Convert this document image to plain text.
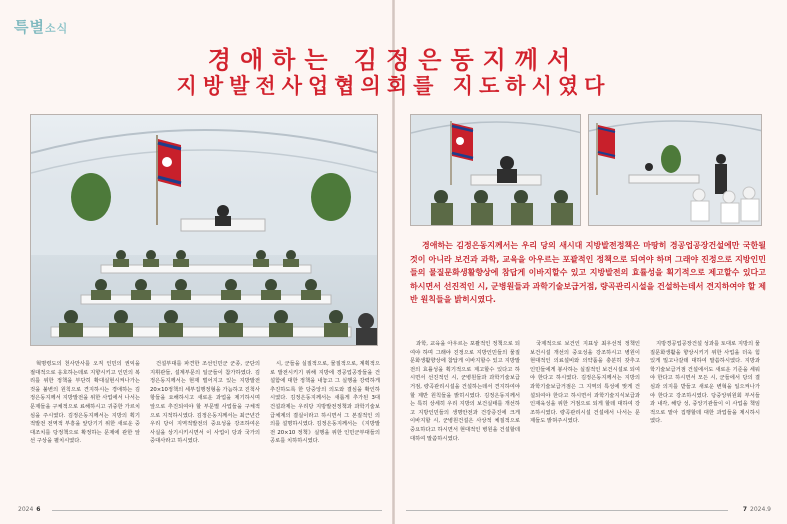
특별소식
경애하는 김정은동지께서
지방발전사업협의회를 지도하시였다
경애하는 김정은동지께서는 우리 당의 새시대 지방발전정책은 마땅히 경공업공장건설에만 국한될것이 아니라 보건과 과학, 교육을 아우르는 포괄적인 정책으로 되여야 하며 그래야 진정으로 지방인민들의 물질문화생활향상에 참답게 이바지할수 있고 지방발전의 효률성을 획기적으로 제고할수 있다고 하시면서 선진적인 시, 군병원들과 과학기술보급거점, 량곡관리시설을 건설하는데서 견지하여야 할 제반 원칙들을 밝히시였다.

혁명령도의 천사만사를 오직 인민의 권익을 절대적으로 옹호하는데로 지향시키고 인민의 복리를 위한 정책을 부단히 확대실현시켜나가는 것을 불변의 원칙으로 견지하시는 경애하는 김정은동지께서 지방발전을 위한 사업에서 나서는 문제들을 구체적으로 료해하시고 귀중한 가르치심을 주시였다. 김정은동지께서는 지방의 획기적발전 전역적 부흥을 앞당기기 위한 새로운 중대조치를 당정책으로 확정하는 문제에 관한 앞선 구상을 펼치시였다.

건설부대를 파견한 조선인민군 군종, 군단의 지휘관들, 설계부문의 일군들이 참가하였다. 김정은동지께서는 현재 벌어지고 있는 지방발전20×10정책의 세부집행정형을 가늠하고 진척사항들을 요해하시고 새로운 과업을 제기하시며 앞으로 추진되여야 할 부문별 사업들을 구체적으로 지적하시였다. 김정은동지께서는 최근년간 우리 당이 지역적발전의 중요성을 강조하여온 사실을 상기시키시면서 이 사업이 당과 국가의 중대사라고 하시였다.

시, 군들을 실질적으로, 물질적으로, 계획적으로 발전시키기 위해 지방에 경공업공장들을 건설함에 대한 정책을 내놓고 그 실행을 강력하게 추진하도록 한 당중앙의 의도와 결심을 확인하시였다. 김정은동지께서는 새롭게 추가된 3대 건설과제는 우리당 지방발전정책과 과학기술보급체계의 결실이라고 하시면서 그 본질적인 의의를 설명하시였다. 김정은동지께서는 《지방발전 20×10 정책》실행을 위한 인민군부대들의 공로를 치하하시였다.

과학, 교육을 아우르는 포괄적인 정책으로 되여야 하며 그래야 진정으로 지방인민들의 물질문화생활향상에 참답게 이바지할수 있고 지방발전의 효률성을 획기적으로 제고할수 있다고 하시면서 선진적인 시, 군병원들과 과학기술보급거점, 량곡관리시설을 건설하는데서 견지하여야 할 제반 원칙들을 밝히시였다. 김정은동지께서는 특히 상세히 우리 지방의 보건실태를 개선하고 지방인민들의 생명안전과 건강증진에 크게 이바지할 시, 군병원건설은 사상적 체질적으로 중요하다고 하시면서 현대적인 병원을 건설할데 대하여 말씀하시였다.

국제적으로 보건인 지표상 최우선적 정책인 보건시설 개선의 중요성을 강조하시고 병원이 현대적인 의료설비와 의약품을 충분히 갖추고 인민들에게 봉사하는 실질적인 보건시설로 되여야 한다고 하시였다. 김정은동지께서는 지방의 과학기술보급거점은 그 지역의 특성에 맞게 건설되여야 한다고 하시면서 과학기술지식보급과 인재육성을 위한 거점으로 되게 할데 대하여 강조하시였다. 량곡관리시설 건설에서 나서는 문제들도 밝혀주시였다.

지방경공업공장건설 성과를 토대로 지방의 물질문화생활을 향상시키기 위한 사업을 더욱 힘있게 밀고나갈데 대하여 말씀하시였다. 지방과학기술보급거점 건설에서도 새로운 기준을 세워야 한다고 하시면서 모든 시, 군들에서 당의 결심과 의지를 받들고 새로운 변혁을 일으켜나가야 한다고 강조하시였다. 당중앙위원회 부서들과 내각, 해당 성, 중앙기관들이 이 사업을 책임적으로 맡아 집행할데 대한 과업들을 제시하시였다.

2024 6	7 2024.9
